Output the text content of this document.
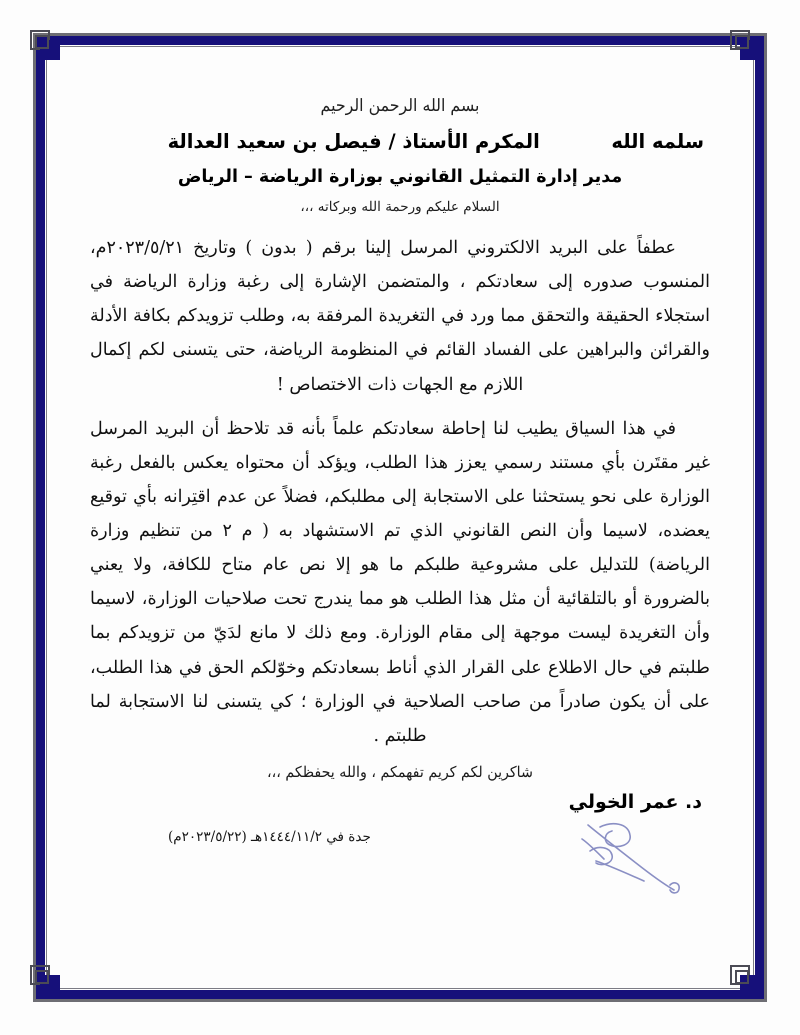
بسم الله الرحمن الرحيم
المكرم الأستاذ / فيصل بن سعيد العدالة	سلمه الله
مدير إدارة التمثيل القانوني بوزارة الرياضة – الرياض
السلام عليكم ورحمة الله وبركاته ،،،

عطفاً على البريد الالكتروني المرسل إلينا برقم ( بدون ) وتاريخ ٢٠٢٣/٥/٢١م، المنسوب صدوره إلى سعادتكم ، والمتضمن الإشارة إلى رغبة وزارة الرياضة في استجلاء الحقيقة والتحقق مما ورد في التغريدة المرفقة به، وطلب تزويدكم بكافة الأدلة والقرائن والبراهين على الفساد القائم في المنظومة الرياضة، حتى يتسنى لكم إكمال اللازم مع الجهات ذات الاختصاص !

في هذا السياق يطيب لنا إحاطة سعادتكم علماً بأنه قد تلاحظ أن البريد المرسل غير مقتَرن بأي مستند رسمي يعزز هذا الطلب، ويؤكد أن محتواه يعكس بالفعل رغبة الوزارة على نحو يستحثنا على الاستجابة إلى مطلبكم، فضلاً عن عدم اقتِرانه بأي توقيع يعضده، لاسيما وأن النص القانوني الذي تم الاستشهاد به ( م ٢ من تنظيم وزارة الرياضة) للتدليل على مشروعية طلبكم ما هو إلا نص عام متاح للكافة، ولا يعني بالضرورة أو بالتلقائية أن مثل هذا الطلب هو مما يندرج تحت صلاحيات الوزارة، لاسيما وأن التغريدة ليست موجهة إلى مقام الوزارة. ومع ذلك لا مانع لدَيّ من تزويدكم بما طلبتم في حال الاطلاع على القرار الذي أناط بسعادتكم وخوّلكم الحق في هذا الطلب، على أن يكون صادراً من صاحب الصلاحية في الوزارة ؛ كي يتسنى لنا الاستجابة لما طلبتم .

شاكرين لكم كريم تفهمكم ، والله يحفظكم ،،،
د. عمر الخولي
جدة في ١٤٤٤/١١/٢هـ (٢٠٢٣/٥/٢٢م)
